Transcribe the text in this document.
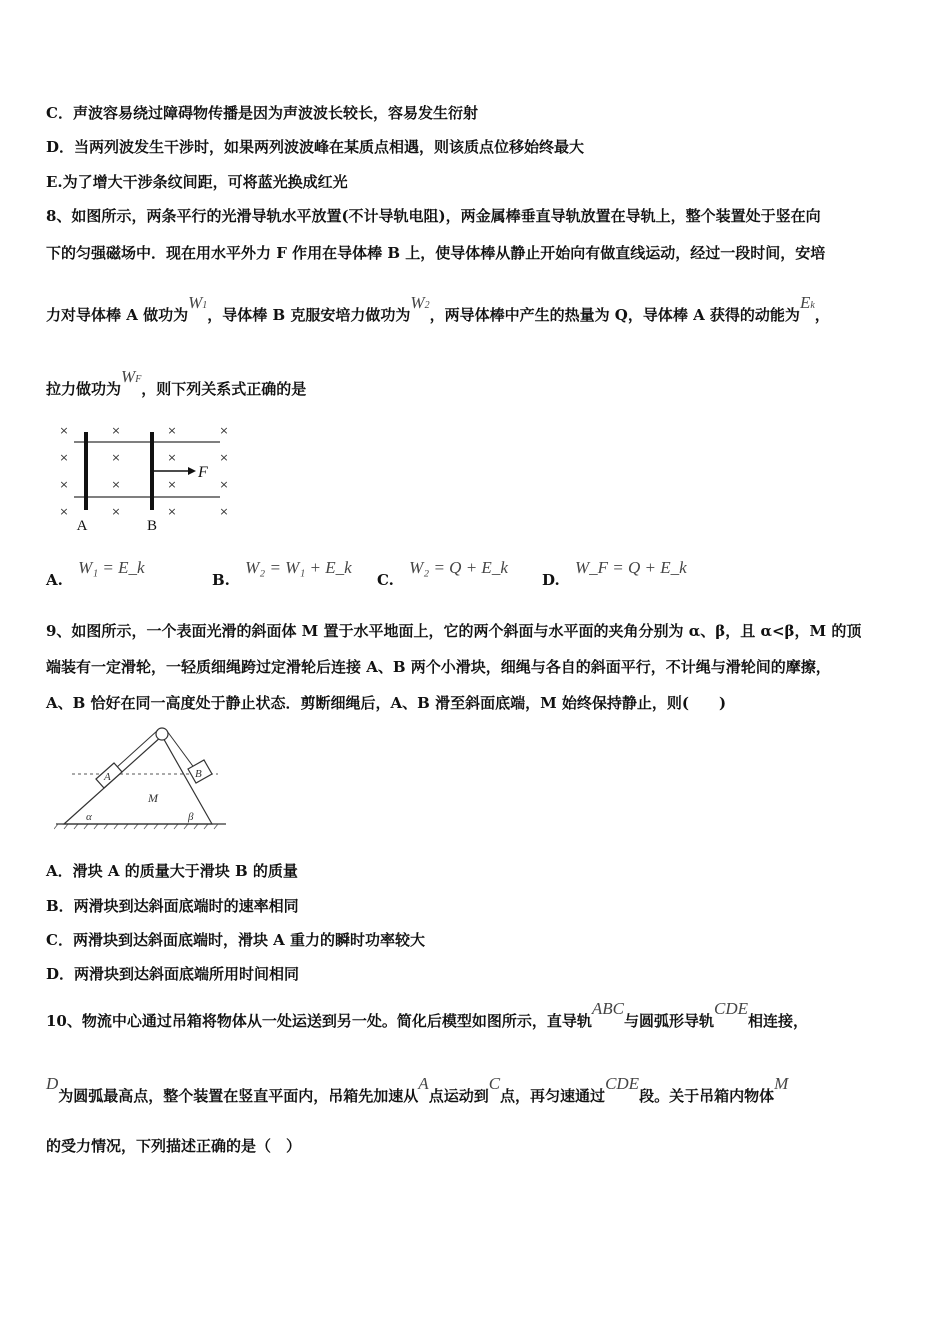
C．声波容易绕过障碍物传播是因为声波波长较长，容易发生衍射
D．当两列波发生干涉时，如果两列波波峰在某质点相遇，则该质点位移始终最大
E.为了增大干涉条纹间距，可将蓝光换成红光
8、如图所示，两条平行的光滑导轨水平放置(不计导轨电阻)，两金属棒垂直导轨放置在导轨上，整个装置处于竖在向
下的匀强磁场中．现在用水平外力 F 作用在导体棒 B 上，使导体棒从静止开始向有做直线运动，经过一段时间，安培
力对导体棒 A 做功为W1，导体棒 B 克服安培力做功为W2，两导体棒中产生的热量为 Q，导体棒 A 获得的动能为Ek，
拉力做功为WF，则下列关系式正确的是
×
×
×
×
×
×
×
×
×
×
×
×
×
×
×
×
F
A	B
A. W₁ = E_k
B. W₂ = W₁ + E_k
C. W₂ = Q + E_k
D. W_F = Q + E_k
9、如图所示，一个表面光滑的斜面体 M 置于水平地面上，它的两个斜面与水平面的夹角分别为 α、β，且 α<β，M 的顶
端装有一定滑轮，一轻质细绳跨过定滑轮后连接 A、B 两个小滑块，细绳与各自的斜面平行，不计绳与滑轮间的摩擦，
A、B 恰好在同一高度处于静止状态．剪断细绳后，A、B 滑至斜面底端，M 始终保持静止，则(　　)
A	B
M
α	β
A．滑块 A 的质量大于滑块 B 的质量
B．两滑块到达斜面底端时的速率相同
C．两滑块到达斜面底端时，滑块 A 重力的瞬时功率较大
D．两滑块到达斜面底端所用时间相同
10、物流中心通过吊箱将物体从一处运送到另一处。简化后模型如图所示，直导轨ABC与圆弧形导轨CDE相连接，
D为圆弧最高点，整个装置在竖直平面内，吊箱先加速从A点运动到C点，再匀速通过CDE段。关于吊箱内物体M
的受力情况，下列描述正确的是（　）
